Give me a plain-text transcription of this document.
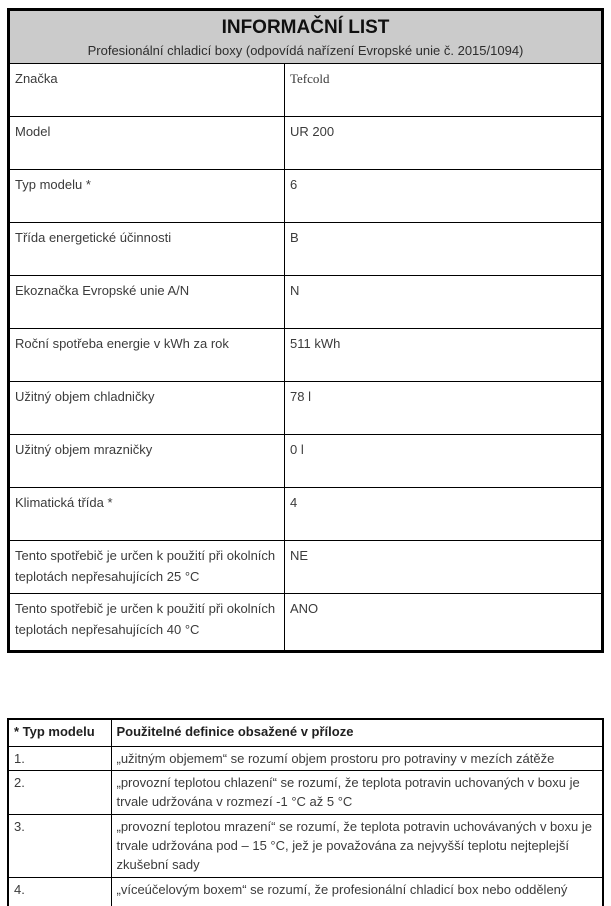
INFORMAČNÍ LIST
Profesionální chladicí boxy (odpovídá nařízení Evropské unie č. 2015/1094)	

Značka	Tefcold
Model	UR 200
Typ modelu *	6
Třída energetické účinnosti	B
Ekoznačka Evropské unie A/N	N
Roční spotřeba energie v kWh za rok	511 kWh
Užitný objem chladničky	78 l
Užitný objem mrazničky	0 l
Klimatická třída *	4
Tento spotřebič je určen k použití při okolních teplotách nepřesahujících 25 °C	NE
Tento spotřebič je určen k použití při okolních teplotách nepřesahujících 40 °C	ANO
* Typ modelu	Použitelné definice obsažené v příloze
1.	„užitným objemem“ se rozumí objem prostoru pro potraviny v mezích zátěže
2.	„provozní teplotou chlazení“ se rozumí, že teplota potravin uchovaných v boxu je trvale udržována v rozmezí -1 °C až 5 °C
3.	„provozní teplotou mrazení“ se rozumí, že teplota potravin uchovávaných v boxu je trvale udržována pod – 15 °C, jež je považována za nejvyšší teplotu nejteplejší zkušební sady
4.	„víceúčelovým boxem“ se rozumí, že profesionální chladicí box nebo oddělený
